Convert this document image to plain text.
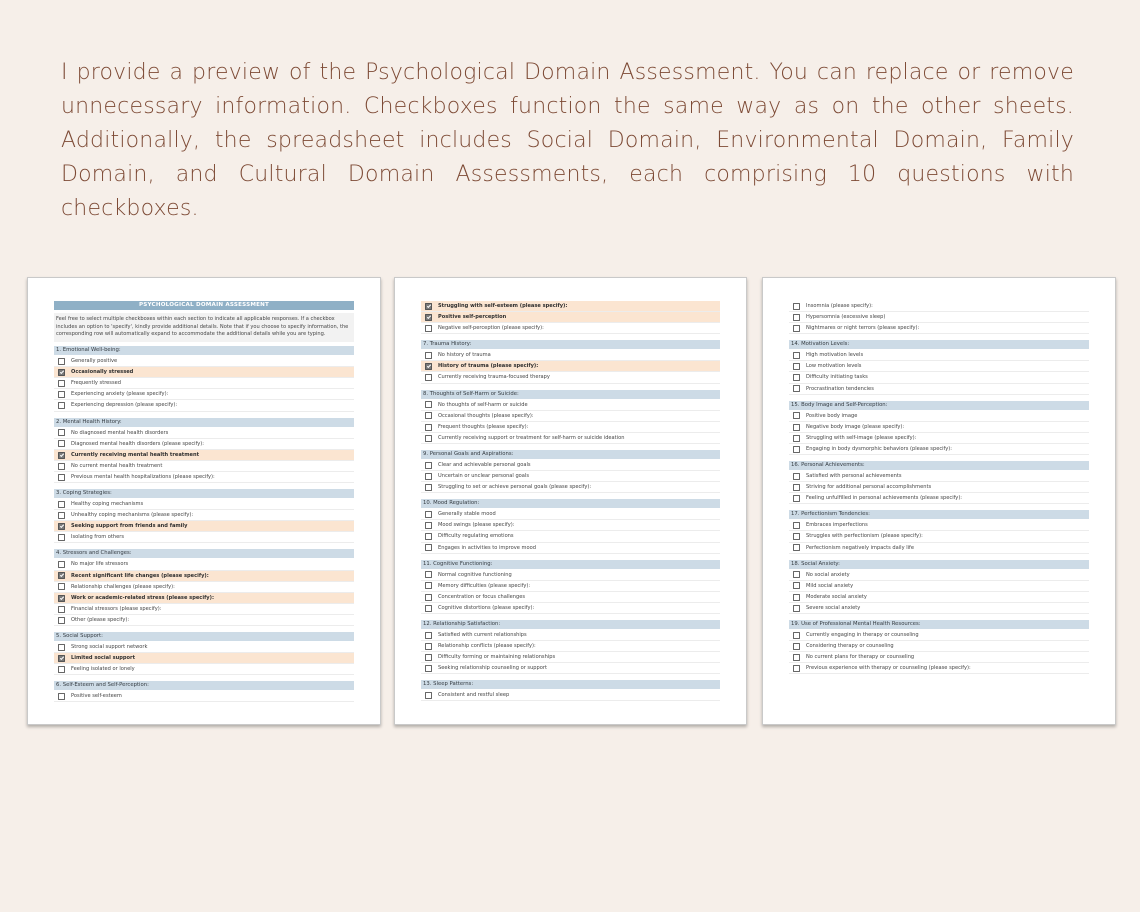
I provide a preview of the Psychological Domain Assessment. You can replace or remove unnecessary information. Checkboxes function the same way as on the other sheets. Additionally, the spreadsheet includes Social Domain, Environmental Domain, Family Domain, and Cultural Domain Assessments, each comprising 10 questions with checkboxes.

PSYCHOLOGICAL DOMAIN ASSESSMENT
Feel free to select multiple checkboxes within each section to indicate all applicable responses. If a checkbox includes an option to 'specify', kindly provide additional details. Note that if you choose to specify information, the corresponding row will automatically expand to accommodate the additional details while you are typing.
1. Emotional Well-being:
Generally positive
Occasionally stressed
Frequently stressed
Experiencing anxiety (please specify):
Experiencing depression (please specify):
2. Mental Health History:
No diagnosed mental health disorders
Diagnosed mental health disorders (please specify):
Currently receiving mental health treatment
No current mental health treatment
Previous mental health hospitalizations (please specify):
3. Coping Strategies:
Healthy coping mechanisms
Unhealthy coping mechanisms (please specify):
Seeking support from friends and family
Isolating from others
4. Stressors and Challenges:
No major life stressors
Recent significant life changes (please specify):
Relationship challenges (please specify):
Work or academic-related stress (please specify):
Financial stressors (please specify):
Other (please specify):
5. Social Support:
Strong social support network
Limited social support
Feeling isolated or lonely
6. Self-Esteem and Self-Perception:
Positive self-esteem
Struggling with self-esteem (please specify):
Positive self-perception
Negative self-perception (please specify):
7. Trauma History:
No history of trauma
History of trauma (please specify):
Currently receiving trauma-focused therapy
8. Thoughts of Self-Harm or Suicide:
No thoughts of self-harm or suicide
Occasional thoughts (please specify):
Frequent thoughts (please specify):
Currently receiving support or treatment for self-harm or suicide ideation
9. Personal Goals and Aspirations:
Clear and achievable personal goals
Uncertain or unclear personal goals
Struggling to set or achieve personal goals (please specify):
10. Mood Regulation:
Generally stable mood
Mood swings (please specify):
Difficulty regulating emotions
Engages in activities to improve mood
11. Cognitive Functioning:
Normal cognitive functioning
Memory difficulties (please specify):
Concentration or focus challenges
Cognitive distortions (please specify):
12. Relationship Satisfaction:
Satisfied with current relationships
Relationship conflicts (please specify):
Difficulty forming or maintaining relationships
Seeking relationship counseling or support
13. Sleep Patterns:
Consistent and restful sleep
Insomnia (please specify):
Hypersomnia (excessive sleep)
Nightmares or night terrors (please specify):
14. Motivation Levels:
High motivation levels
Low motivation levels
Difficulty initiating tasks
Procrastination tendencies
15. Body Image and Self-Perception:
Positive body image
Negative body image (please specify):
Struggling with self-image (please specify):
Engaging in body dysmorphic behaviors (please specify):
16. Personal Achievements:
Satisfied with personal achievements
Striving for additional personal accomplishments
Feeling unfulfilled in personal achievements (please specify):
17. Perfectionism Tendencies:
Embraces imperfections
Struggles with perfectionism (please specify):
Perfectionism negatively impacts daily life
18. Social Anxiety:
No social anxiety
Mild social anxiety
Moderate social anxiety
Severe social anxiety
19. Use of Professional Mental Health Resources:
Currently engaging in therapy or counseling
Considering therapy or counseling
No current plans for therapy or counseling
Previous experience with therapy or counseling (please specify):
